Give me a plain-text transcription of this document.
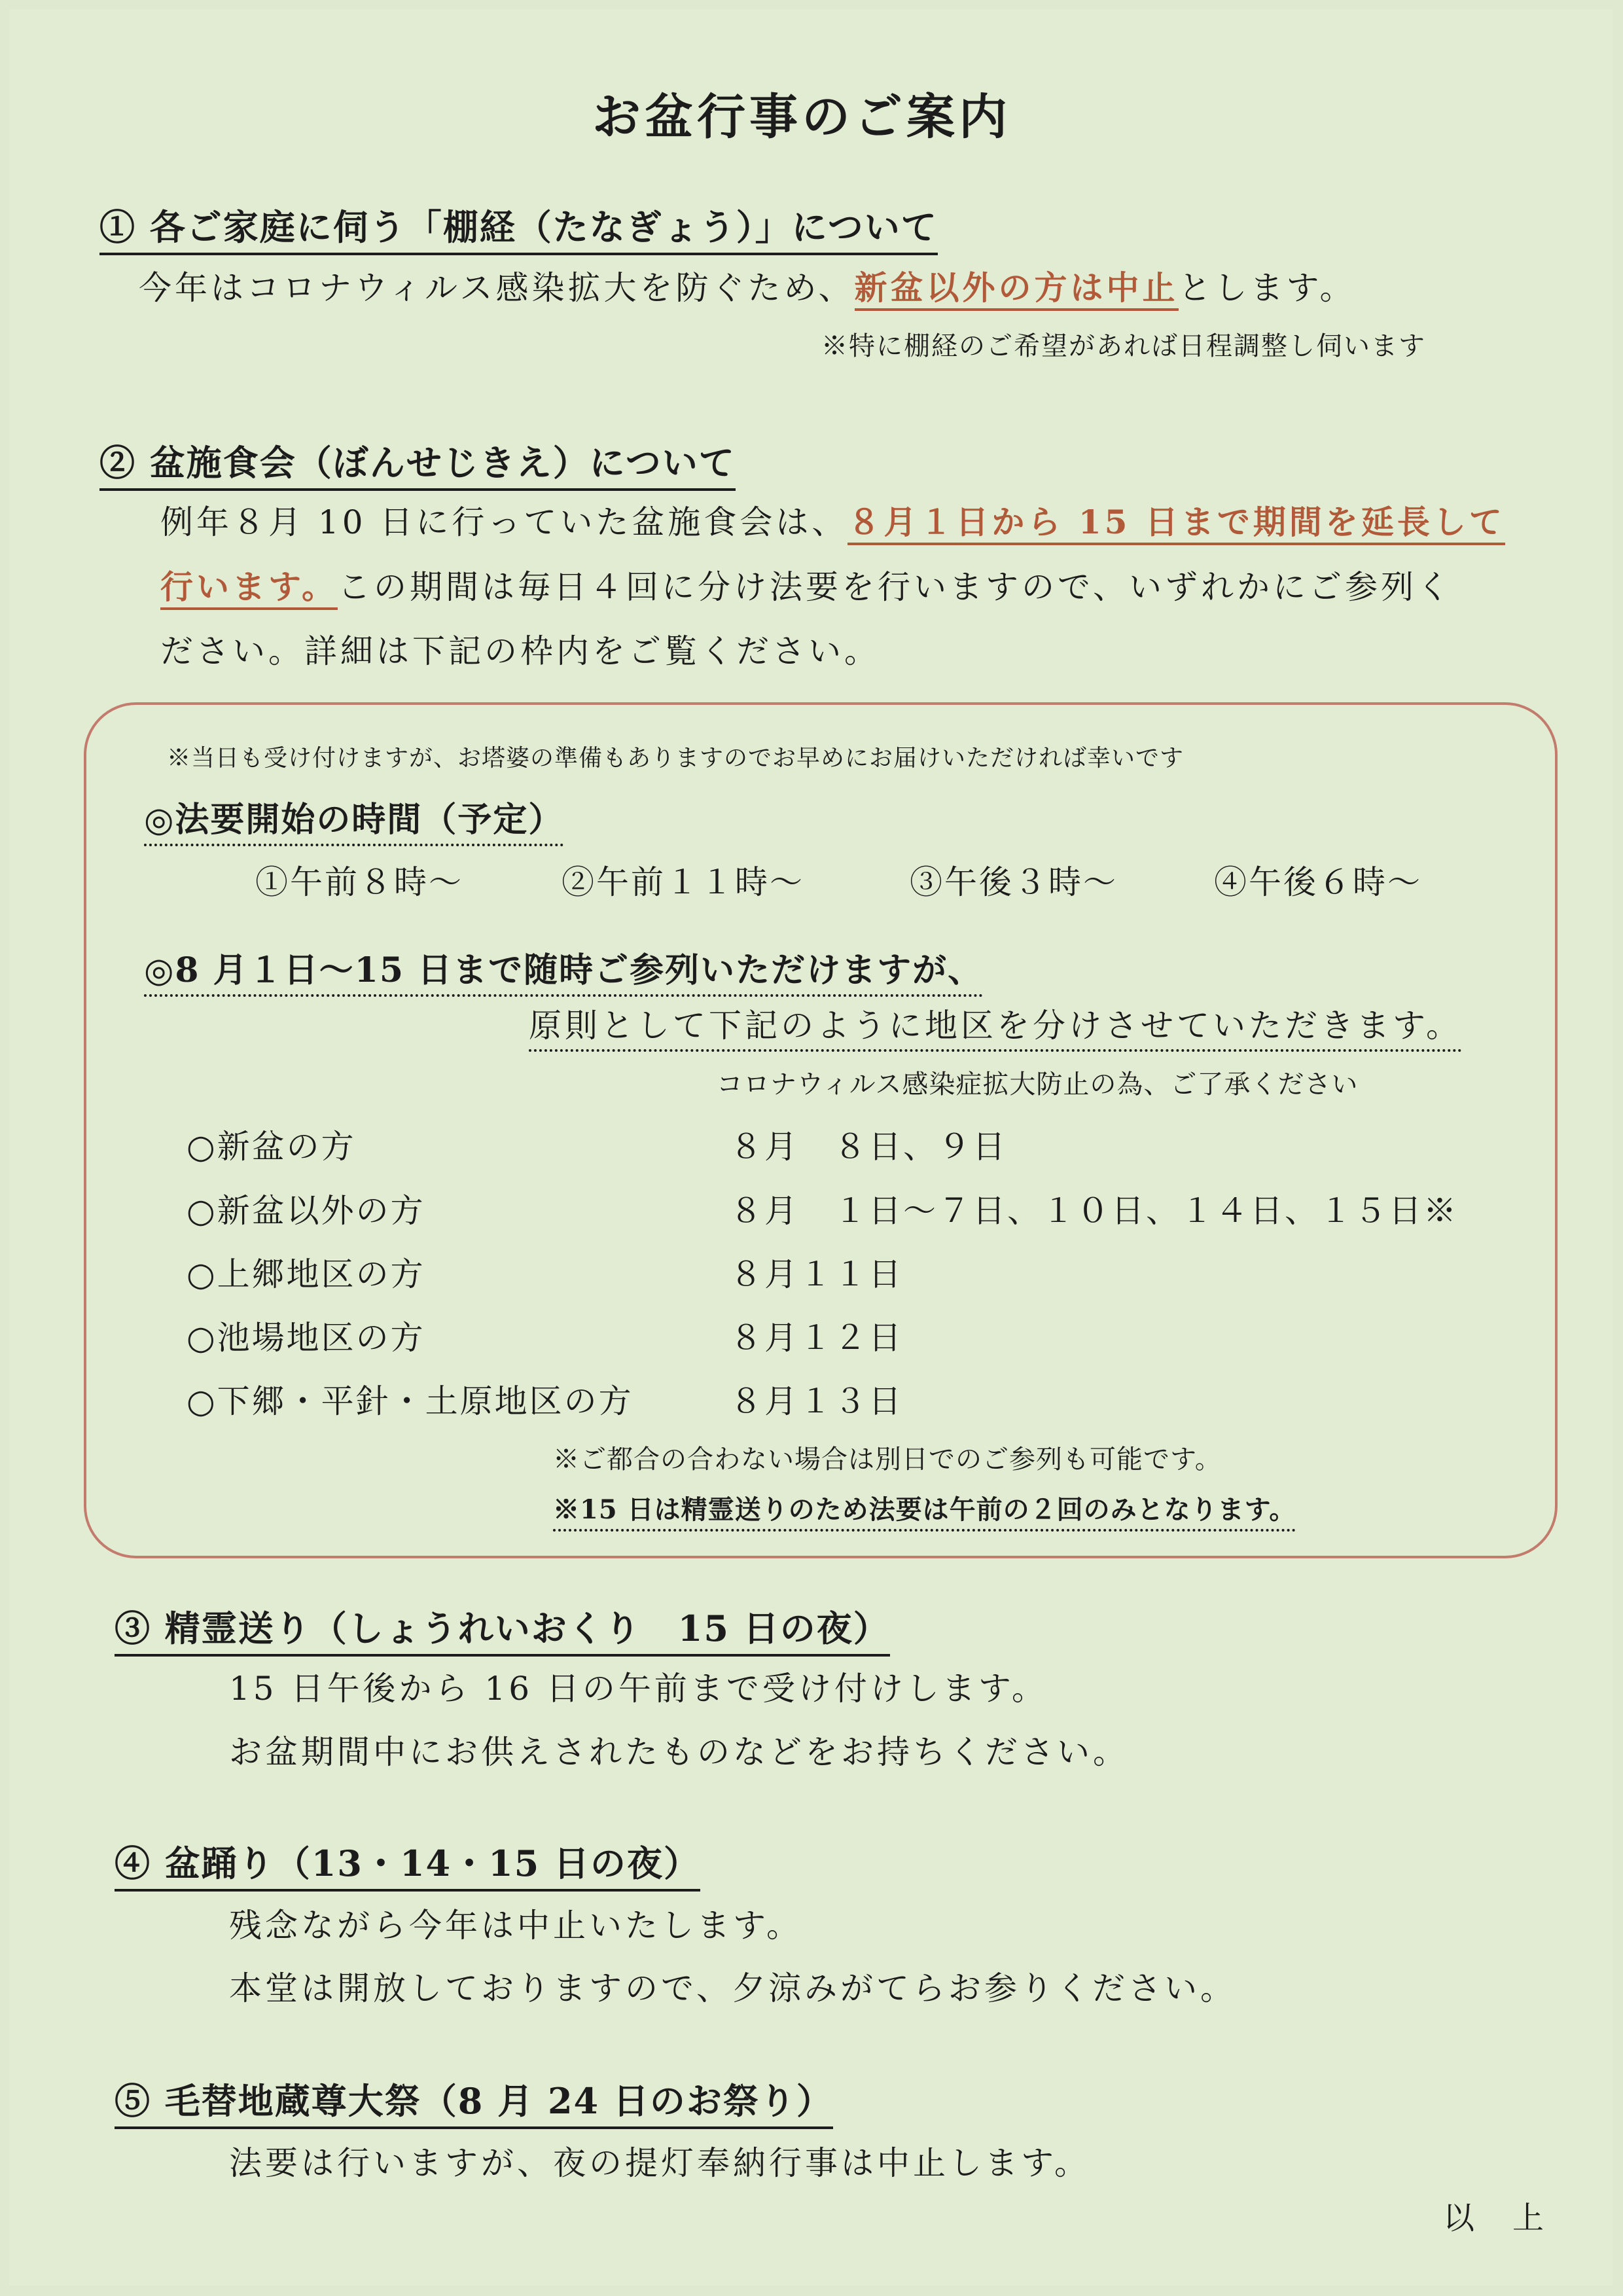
お盆行事のご案内
① 各ご家庭に伺う「棚経（たなぎょう）」について
今年はコロナウィルス感染拡大を防ぐため、新盆以外の方は中止とします。
※特に棚経のご希望があれば日程調整し伺います
② 盆施食会（ぼんせじきえ）について
例年８月 10 日に行っていた盆施食会は、８月１日から 15 日まで期間を延長して
行います。この期間は毎日４回に分け法要を行いますので、いずれかにご参列く
ださい。詳細は下記の枠内をご覧ください。
※当日も受け付けますが、お塔婆の準備もありますのでお早めにお届けいただければ幸いです
◎法要開始の時間（予定）
①午前８時～	②午前１１時～	③午後３時～	④午後６時～
◎8 月１日～15 日まで随時ご参列いただけますが、
原則として下記のように地区を分けさせていただきます。
コロナウィルス感染症拡大防止の為、ご了承ください
○新盆の方	８月　８日、９日
○新盆以外の方	８月　１日～７日、１０日、１４日、１５日※
○上郷地区の方	８月１１日
○池場地区の方	８月１２日
○下郷・平針・土原地区の方	８月１３日
※ご都合の合わない場合は別日でのご参列も可能です。
※15 日は精霊送りのため法要は午前の２回のみとなります。
③ 精霊送り（しょうれいおくり　15 日の夜）
15 日午後から 16 日の午前まで受け付けします。
お盆期間中にお供えされたものなどをお持ちください。
④ 盆踊り（13・14・15 日の夜）
残念ながら今年は中止いたします。
本堂は開放しておりますので、夕涼みがてらお参りください。
⑤ 毛替地蔵尊大祭（8 月 24 日のお祭り）
法要は行いますが、夜の提灯奉納行事は中止します。
以　上
